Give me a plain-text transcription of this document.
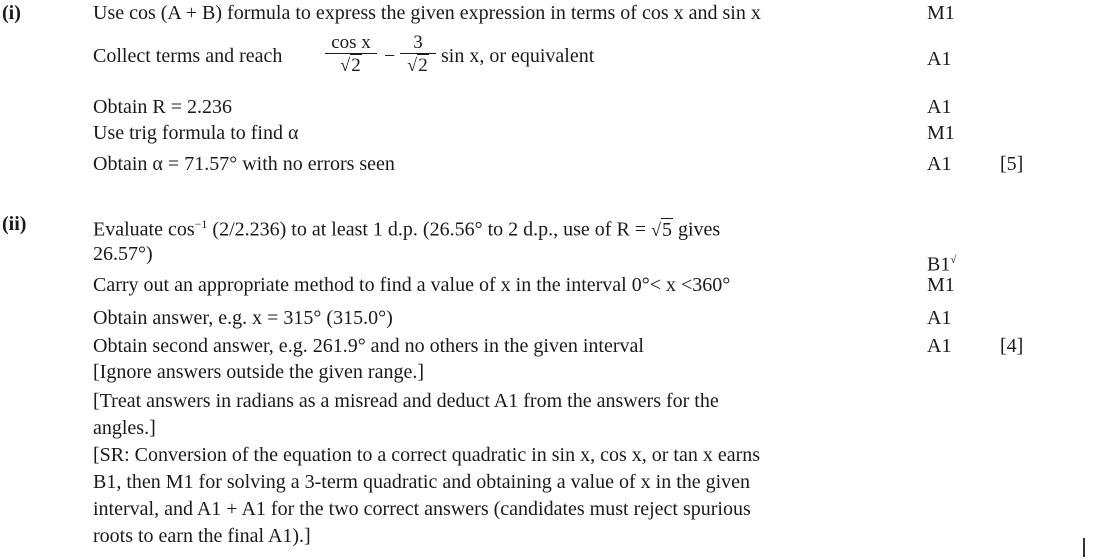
(i)	Use cos (A + B) formula to express the given expression in terms of cos x and sin x	M1
Collect terms and reach $\frac{\text{cos x}}{√2} - \frac{3}{√2}$ sin x, or equivalent	A1
Obtain R = 2.236	A1
Use trig formula to find α	M1
Obtain α = 71.57° with no errors seen	A1 [5]
(ii)	Evaluate $\cos^{-1} (2/2.236)$ to at least 1 d.p. (26.56° to 2 d.p., use of R = √5 gives
26.57°)	B1√
Carry out an appropriate method to find a value of x in the interval 0°< x <360°	M1
Obtain answer, e.g. x = 315° (315.0°)	A1
Obtain second answer, e.g. 261.9° and no others in the given interval	A1 [4]
[Ignore answers outside the given range.]
[Treat answers in radians as a misread and deduct A1 from the answers for the
angles.]
[SR: Conversion of the equation to a correct quadratic in sin x, cos x, or tan x earns
B1, then M1 for solving a 3-term quadratic and obtaining a value of x in the given
interval, and A1 + A1 for the two correct answers (candidates must reject spurious
roots to earn the final A1).]
